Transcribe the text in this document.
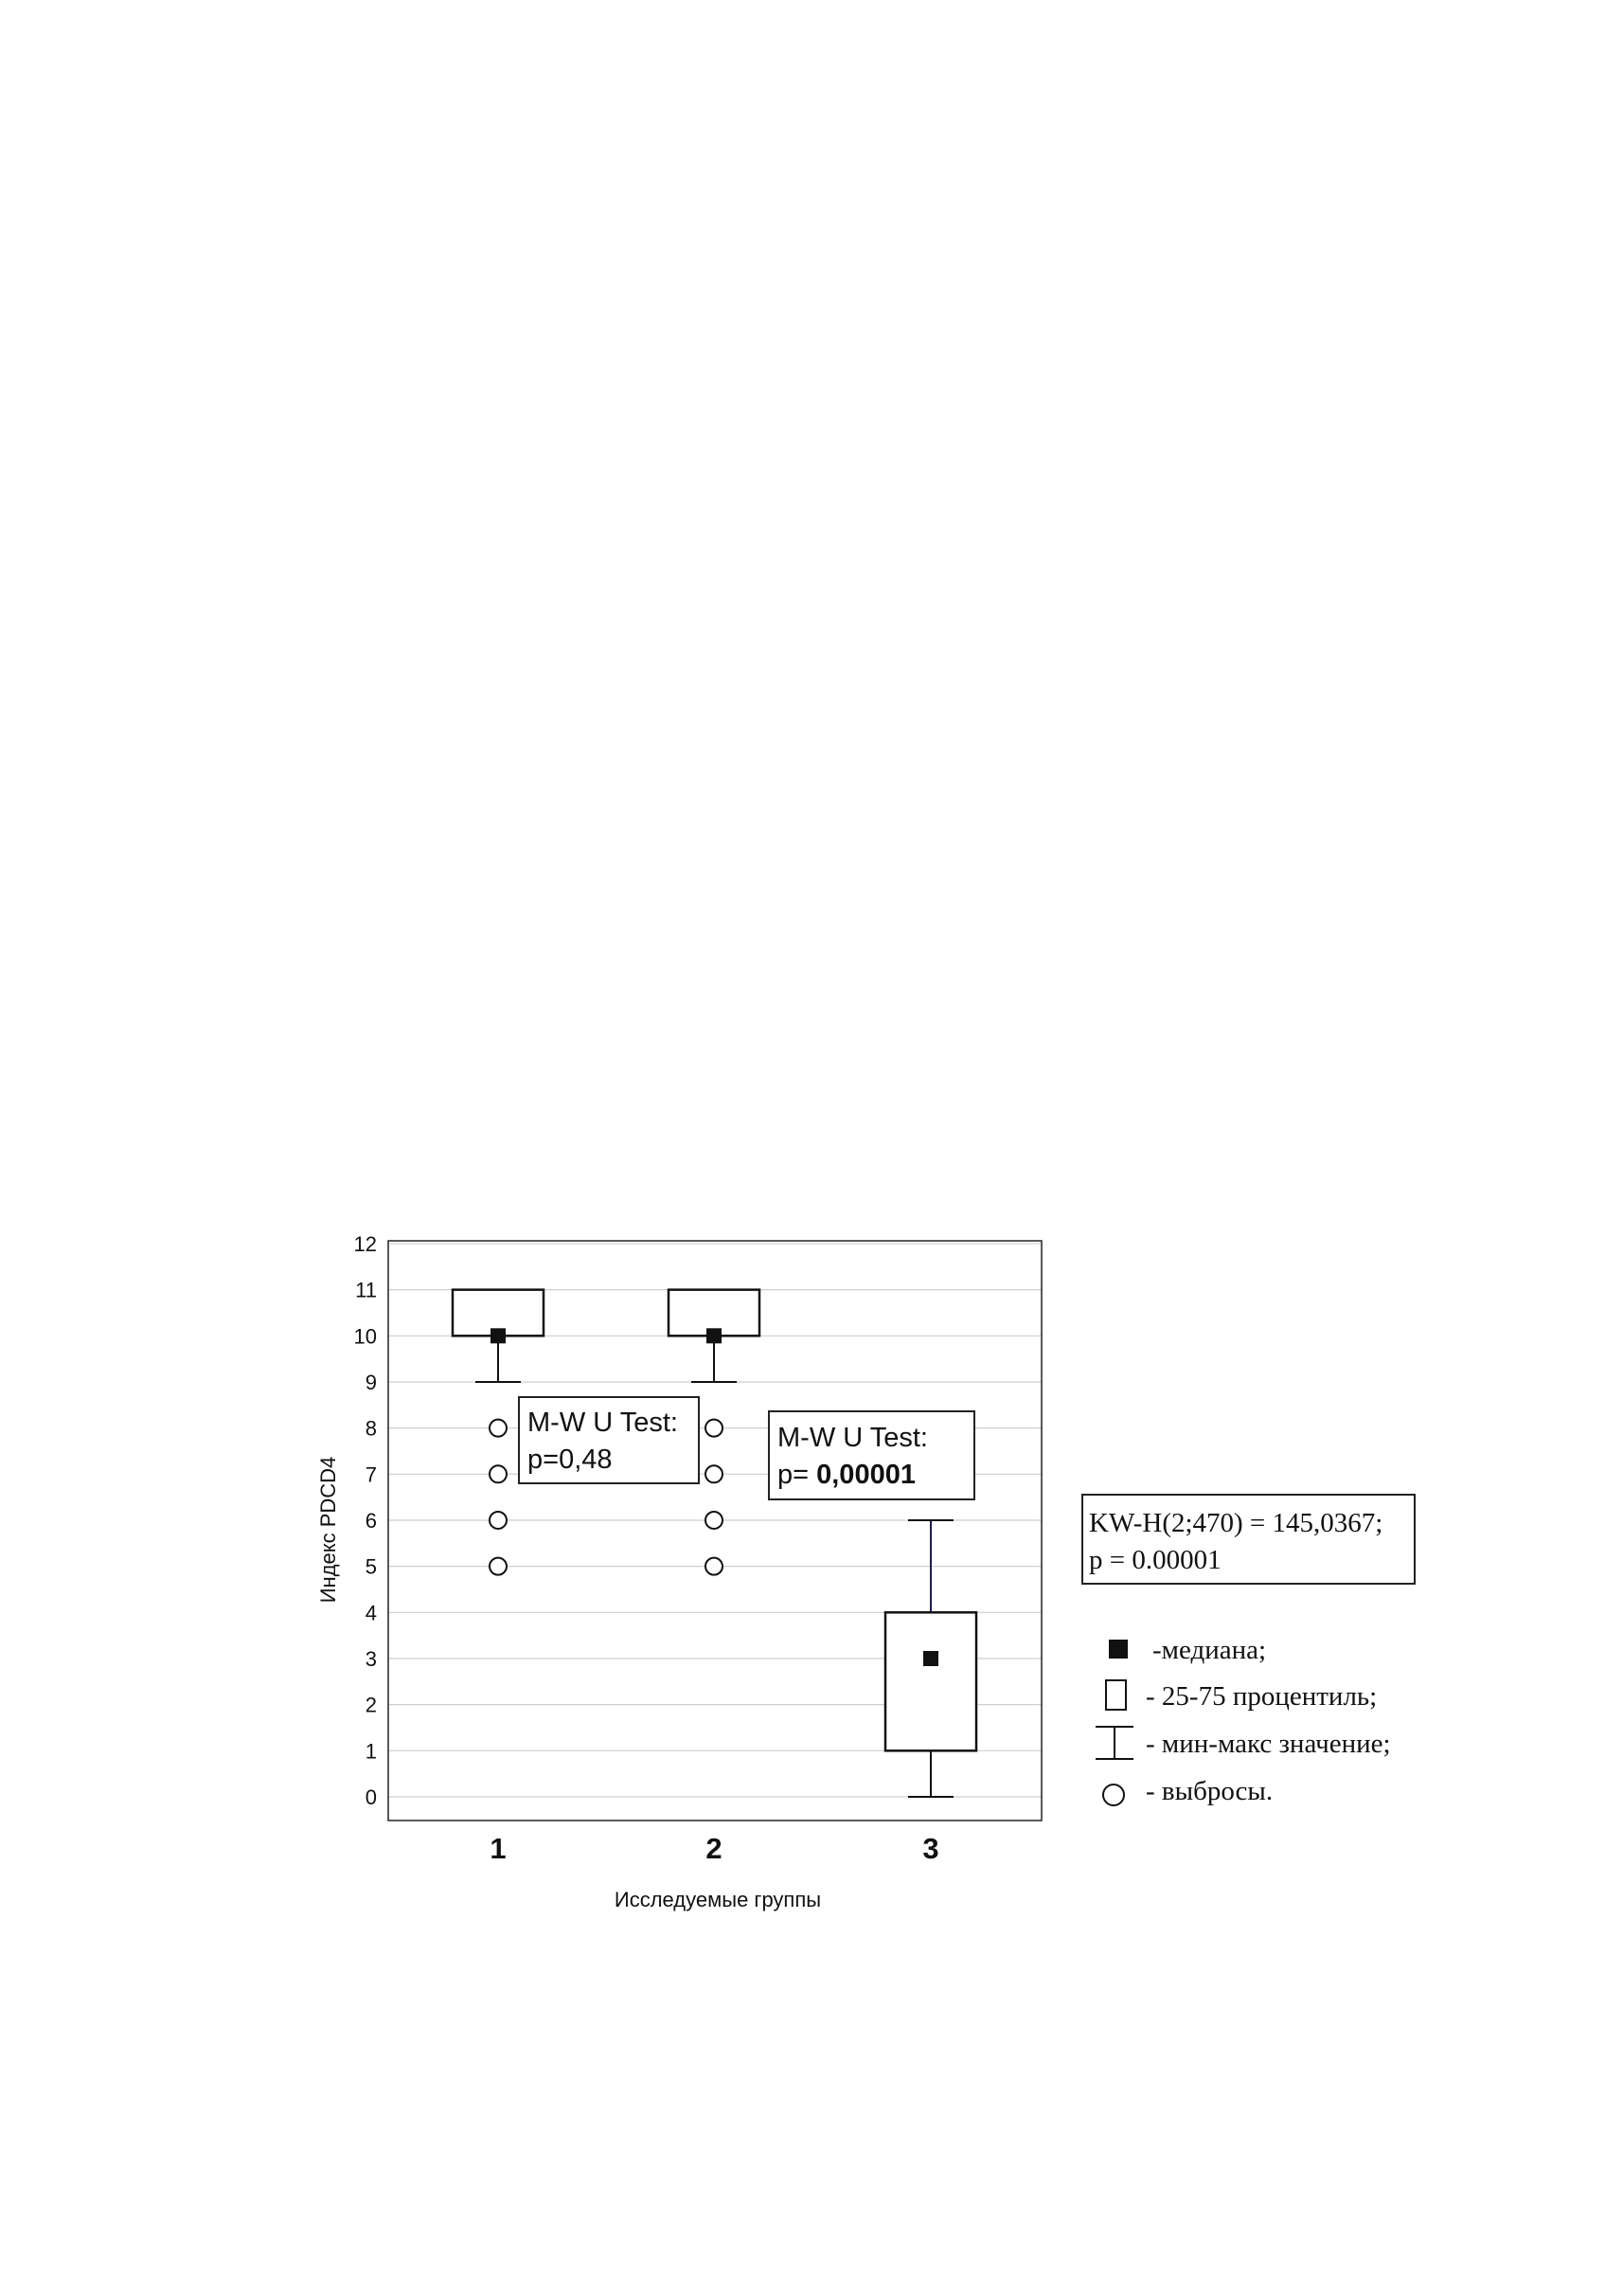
0
1
2
3
4
5
6
7
8
9
10
11
12
1	2	3
Индекс PDCD4
Исследуемые группы
M-W U Test:
p=0,48
M-W U Test:
p= 0,00001
KW-H(2;470) = 145,0367;
p = 0.00001
-медиана;
- 25-75 процентиль;
- мин-макс значение;
- выбросы.
